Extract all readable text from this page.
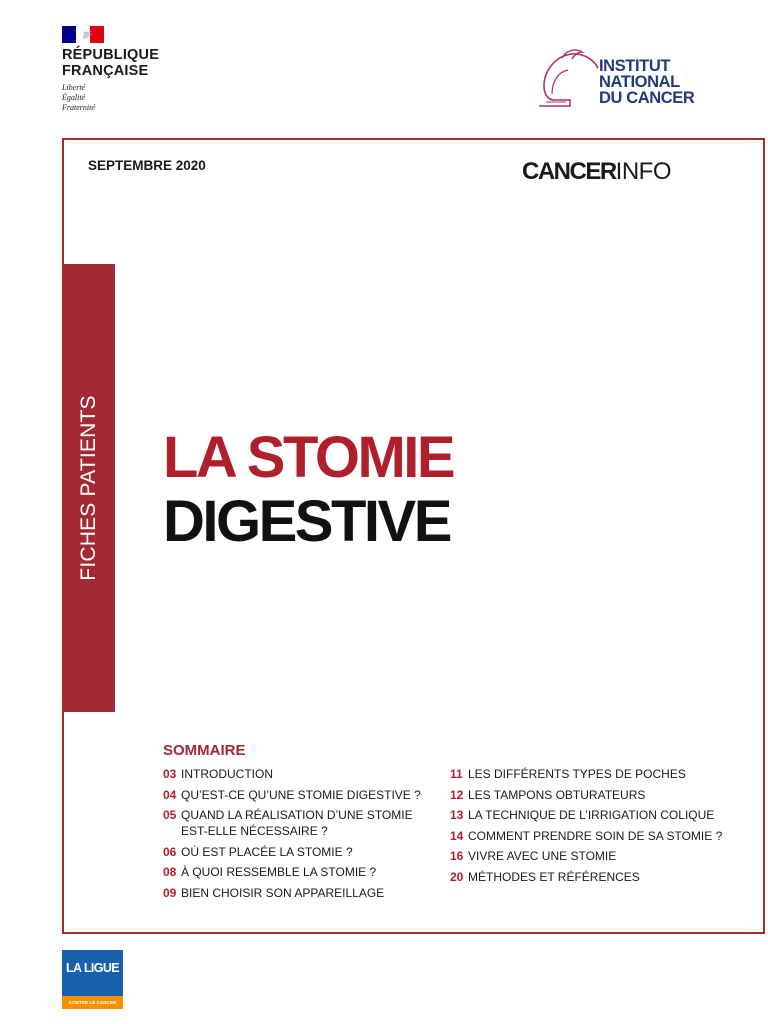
RÉPUBLIQUE
FRANÇAISE
Liberté
Égalité
Fraternité
INSTITUT
NATIONAL
DU CANCER
SEPTEMBRE 2020	CANCERINFO
FICHES PATIENTS LA STOMIE
DIGESTIVE
SOMMAIRE
03 INTRODUCTION
04 QU’EST-CE QU’UNE STOMIE DIGESTIVE ?
05 QUAND LA RÉALISATION D’UNE STOMIE EST-ELLE NÉCESSAIRE ?
06 OÙ EST PLACÉE LA STOMIE ?
08 À QUOI RESSEMBLE LA STOMIE ?
09 BIEN CHOISIR SON APPAREILLAGE
11 LES DIFFÉRENTS TYPES DE POCHES
12 LES TAMPONS OBTURATEURS
13 LA TECHNIQUE DE L’IRRIGATION COLIQUE
14 COMMENT PRENDRE SOIN DE SA STOMIE ?
16 VIVRE AVEC UNE STOMIE
20 MÉTHODES ET RÉFÉRENCES
LA LIGUE
CONTRE LE CANCER
